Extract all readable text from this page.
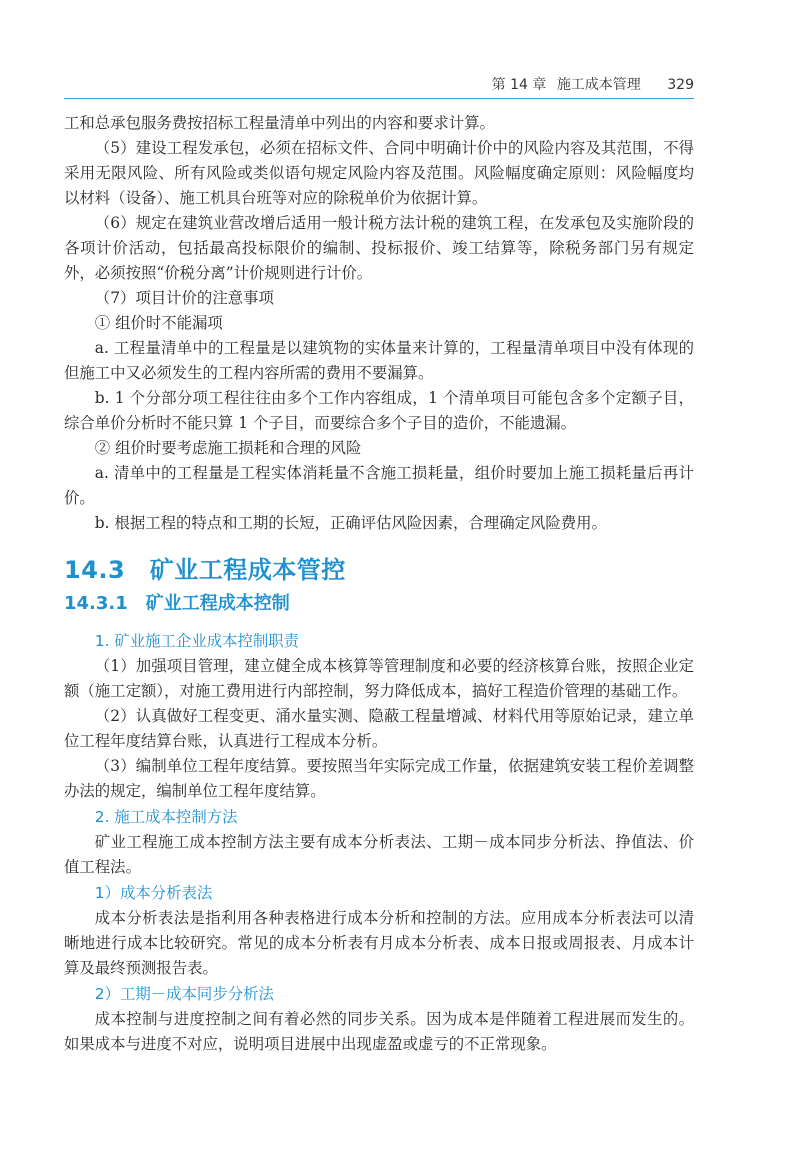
第 14 章 施工成本管理 329

工和总承包服务费按招标工程量清单中列出的内容和要求计算。

（5）建设工程发承包，必须在招标文件、合同中明确计价中的风险内容及其范围，不得采用无限风险、所有风险或类似语句规定风险内容及范围。风险幅度确定原则：风险幅度均以材料（设备）、施工机具台班等对应的除税单价为依据计算。

（6）规定在建筑业营改增后适用一般计税方法计税的建筑工程，在发承包及实施阶段的各项计价活动，包括最高投标限价的编制、投标报价、竣工结算等，除税务部门另有规定外，必须按照“价税分离”计价规则进行计价。

（7）项目计价的注意事项

① 组价时不能漏项

a. 工程量清单中的工程量是以建筑物的实体量来计算的，工程量清单项目中没有体现的但施工中又必须发生的工程内容所需的费用不要漏算。

b. 1 个分部分项工程往往由多个工作内容组成，1 个清单项目可能包含多个定额子目，综合单价分析时不能只算 1 个子目，而要综合多个子目的造价，不能遗漏。

② 组价时要考虑施工损耗和合理的风险

a. 清单中的工程量是工程实体消耗量不含施工损耗量，组价时要加上施工损耗量后再计价。

b. 根据工程的特点和工期的长短，正确评估风险因素，合理确定风险费用。

14.3　矿业工程成本管控
14.3.1　矿业工程成本控制
1. 矿业施工企业成本控制职责

（1）加强项目管理，建立健全成本核算等管理制度和必要的经济核算台账，按照企业定额（施工定额），对施工费用进行内部控制，努力降低成本，搞好工程造价管理的基础工作。

（2）认真做好工程变更、涌水量实测、隐蔽工程量增减、材料代用等原始记录，建立单位工程年度结算台账，认真进行工程成本分析。

（3）编制单位工程年度结算。要按照当年实际完成工作量，依据建筑安装工程价差调整办法的规定，编制单位工程年度结算。

2. 施工成本控制方法

矿业工程施工成本控制方法主要有成本分析表法、工期－成本同步分析法、挣值法、价值工程法。

1）成本分析表法

成本分析表法是指利用各种表格进行成本分析和控制的方法。应用成本分析表法可以清晰地进行成本比较研究。常见的成本分析表有月成本分析表、成本日报或周报表、月成本计算及最终预测报告表。

2）工期－成本同步分析法

成本控制与进度控制之间有着必然的同步关系。因为成本是伴随着工程进展而发生的。如果成本与进度不对应，说明项目进展中出现虚盈或虚亏的不正常现象。
